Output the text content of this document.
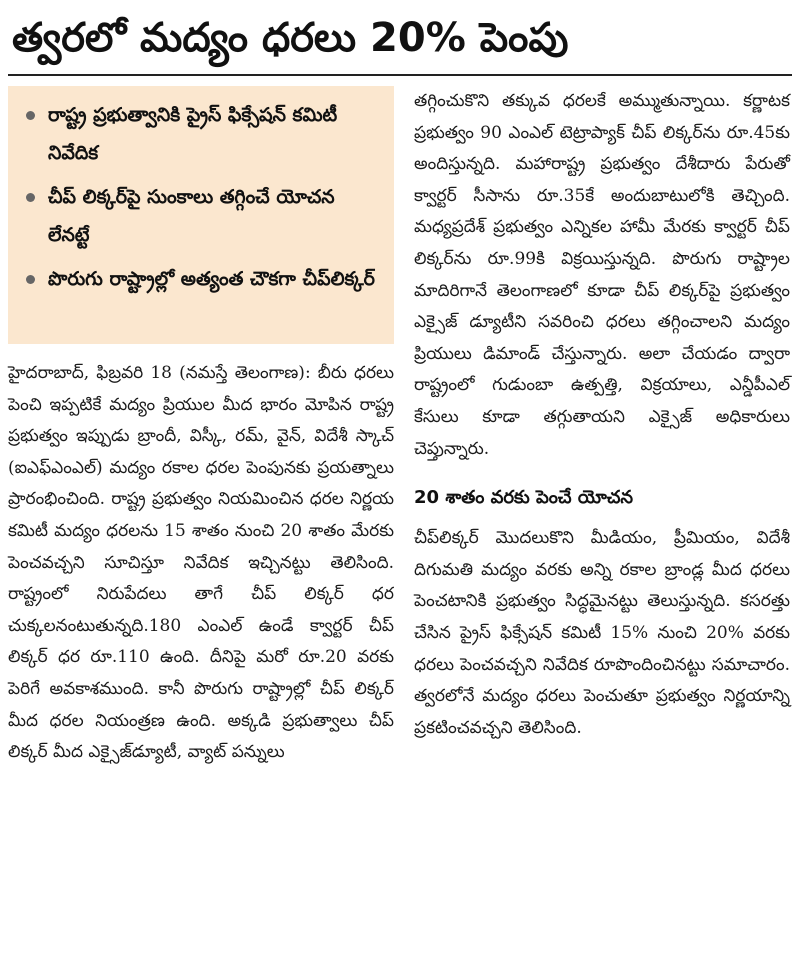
త్వరలో మద్యం ధరలు 20% పెంపు
రాష్ట్ర ప్రభుత్వానికి ప్రైస్ ఫిక్సేషన్ కమిటీ నివేదిక
చీప్ లిక్కర్‌పై సుంకాలు తగ్గించే యోచన లేనట్టే
పొరుగు రాష్ట్రాల్లో అత్యంత చౌకగా చీప్‌లిక్కర్

హైదరాబాద్, ఫిబ్రవరి 18 (నమస్తే తెలంగాణ): బీరు ధరలు పెంచి ఇప్పటికే మద్యం ప్రియుల మీద భారం మోపిన రాష్ట్ర ప్రభుత్వం ఇప్పుడు బ్రాందీ, విస్కీ, రమ్, వైన్, విదేశీ స్కాచ్ (ఐఎఫ్ఎంఎల్) మద్యం రకాల ధరల పెంపునకు ప్రయత్నాలు ప్రారంభించింది. రాష్ట్ర ప్రభుత్వం నియమించిన ధరల నిర్ణయ కమిటీ మద్యం ధరలను 15 శాతం నుంచి 20 శాతం మేరకు పెంచవచ్చని సూచిస్తూ నివేదిక ఇచ్చినట్టు తెలిసింది. రాష్ట్రంలో నిరుపేదలు తాగే చీప్ లిక్కర్ ధర చుక్కలనంటుతున్నది.180 ఎంఎల్ ఉండే క్వార్టర్ చీప్ లిక్కర్ ధర రూ.110 ఉంది. దీనిపై మరో రూ.20 వరకు పెరిగే అవకాశముంది. కానీ పొరుగు రాష్ట్రాల్లో చీప్ లిక్కర్ మీద ధరల నియంత్రణ ఉంది. అక్కడి ప్రభుత్వాలు చీప్ లిక్కర్ మీద ఎక్సైజ్‌డ్యూటీ, వ్యాట్ పన్నులు

తగ్గించుకొని తక్కువ ధరలకే అమ్ముతున్నాయి. కర్ణాటక ప్రభుత్వం 90 ఎంఎల్ టెట్రాప్యాక్ చీప్ లిక్కర్‌ను రూ.45కు అందిస్తున్నది. మహారాష్ట్ర ప్రభుత్వం దేశీదారు పేరుతో క్వార్టర్ సీసాను రూ.35కే అందుబాటులోకి తెచ్చింది. మధ్యప్రదేశ్ ప్రభుత్వం ఎన్నికల హామీ మేరకు క్వార్టర్ చీప్ లిక్కర్‌ను రూ.99కి విక్రయిస్తున్నది. పొరుగు రాష్ట్రాల మాదిరిగానే తెలంగాణలో కూడా చీప్ లిక్కర్‌పై ప్రభుత్వం ఎక్సైజ్ డ్యూటీని సవరించి ధరలు తగ్గించాలని మద్యం ప్రియులు డిమాండ్ చేస్తున్నారు. అలా చేయడం ద్వారా రాష్ట్రంలో గుడుంబా ఉత్పత్తి, విక్రయాలు, ఎన్డీపీఎల్ కేసులు కూడా తగ్గుతాయని ఎక్సైజ్ అధికారులు చెప్తున్నారు.

20 శాతం వరకు పెంచే యోచన

చీప్‌లిక్కర్ మొదలుకొని మీడియం, ప్రీమియం, విదేశీ దిగుమతి మద్యం వరకు అన్ని రకాల బ్రాండ్ల మీద ధరలు పెంచటానికి ప్రభుత్వం సిద్ధమైనట్టు తెలుస్తున్నది. కసరత్తు చేసిన ప్రైస్ ఫిక్సేషన్ కమిటీ 15% నుంచి 20% వరకు ధరలు పెంచవచ్చని నివేదిక రూపొందించినట్టు సమాచారం. త్వరలోనే మద్యం ధరలు పెంచుతూ ప్రభుత్వం నిర్ణయాన్ని ప్రకటించవచ్చని తెలిసింది.
